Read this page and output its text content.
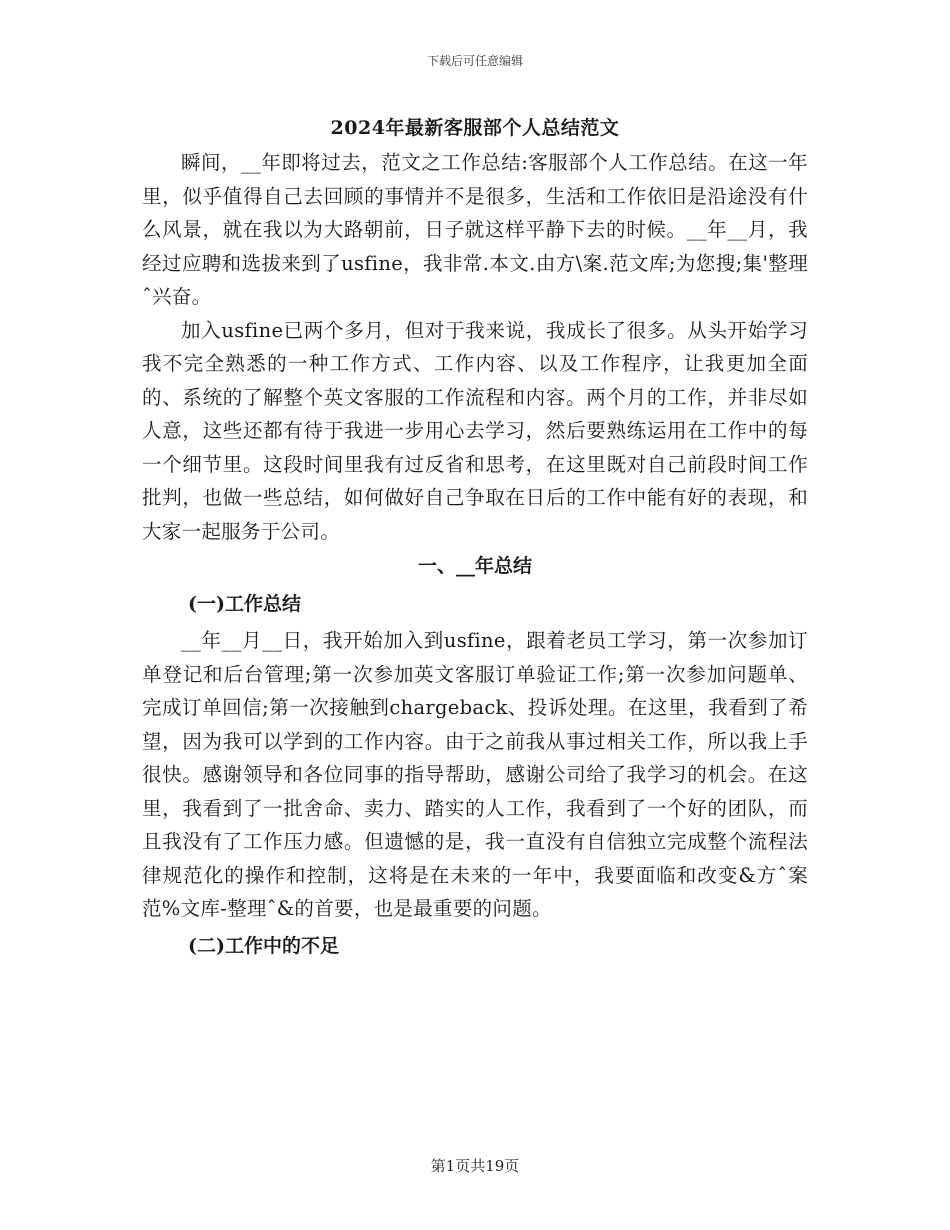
下载后可任意编辑
2024年最新客服部个人总结范文

瞬间，__年即将过去，范文之工作总结:客服部个人工作总结。在这一年里，似乎值得自己去回顾的事情并不是很多，生活和工作依旧是沿途没有什么风景，就在我以为大路朝前，日子就这样平静下去的时候。__年__月，我经过应聘和选拔来到了usfine，我非常.本文.由方\案.范文库;为您搜;集'整理ˆ兴奋。

加入usfine已两个多月，但对于我来说，我成长了很多。从头开始学习我不完全熟悉的一种工作方式、工作内容、以及工作程序，让我更加全面的、系统的了解整个英文客服的工作流程和内容。两个月的工作，并非尽如人意，这些还都有待于我进一步用心去学习，然后要熟练运用在工作中的每一个细节里。这段时间里我有过反省和思考，在这里既对自己前段时间工作批判，也做一些总结，如何做好自己争取在日后的工作中能有好的表现，和大家一起服务于公司。

一、__年总结
(一)工作总结

__年__月__日，我开始加入到usfine，跟着老员工学习，第一次参加订单登记和后台管理;第一次参加英文客服订单验证工作;第一次参加问题单、完成订单回信;第一次接触到chargeback、投诉处理。在这里，我看到了希望，因为我可以学到的工作内容。由于之前我从事过相关工作，所以我上手很快。感谢领导和各位同事的指导帮助，感谢公司给了我学习的机会。在这里，我看到了一批舍命、卖力、踏实的人工作，我看到了一个好的团队，而且我没有了工作压力感。但遗憾的是，我一直没有自信独立完成整个流程法律规范化的操作和控制，这将是在未来的一年中，我要面临和改变&方ˆ案范%文库-整理ˆ&的首要，也是最重要的问题。

(二)工作中的不足
第1页共19页
